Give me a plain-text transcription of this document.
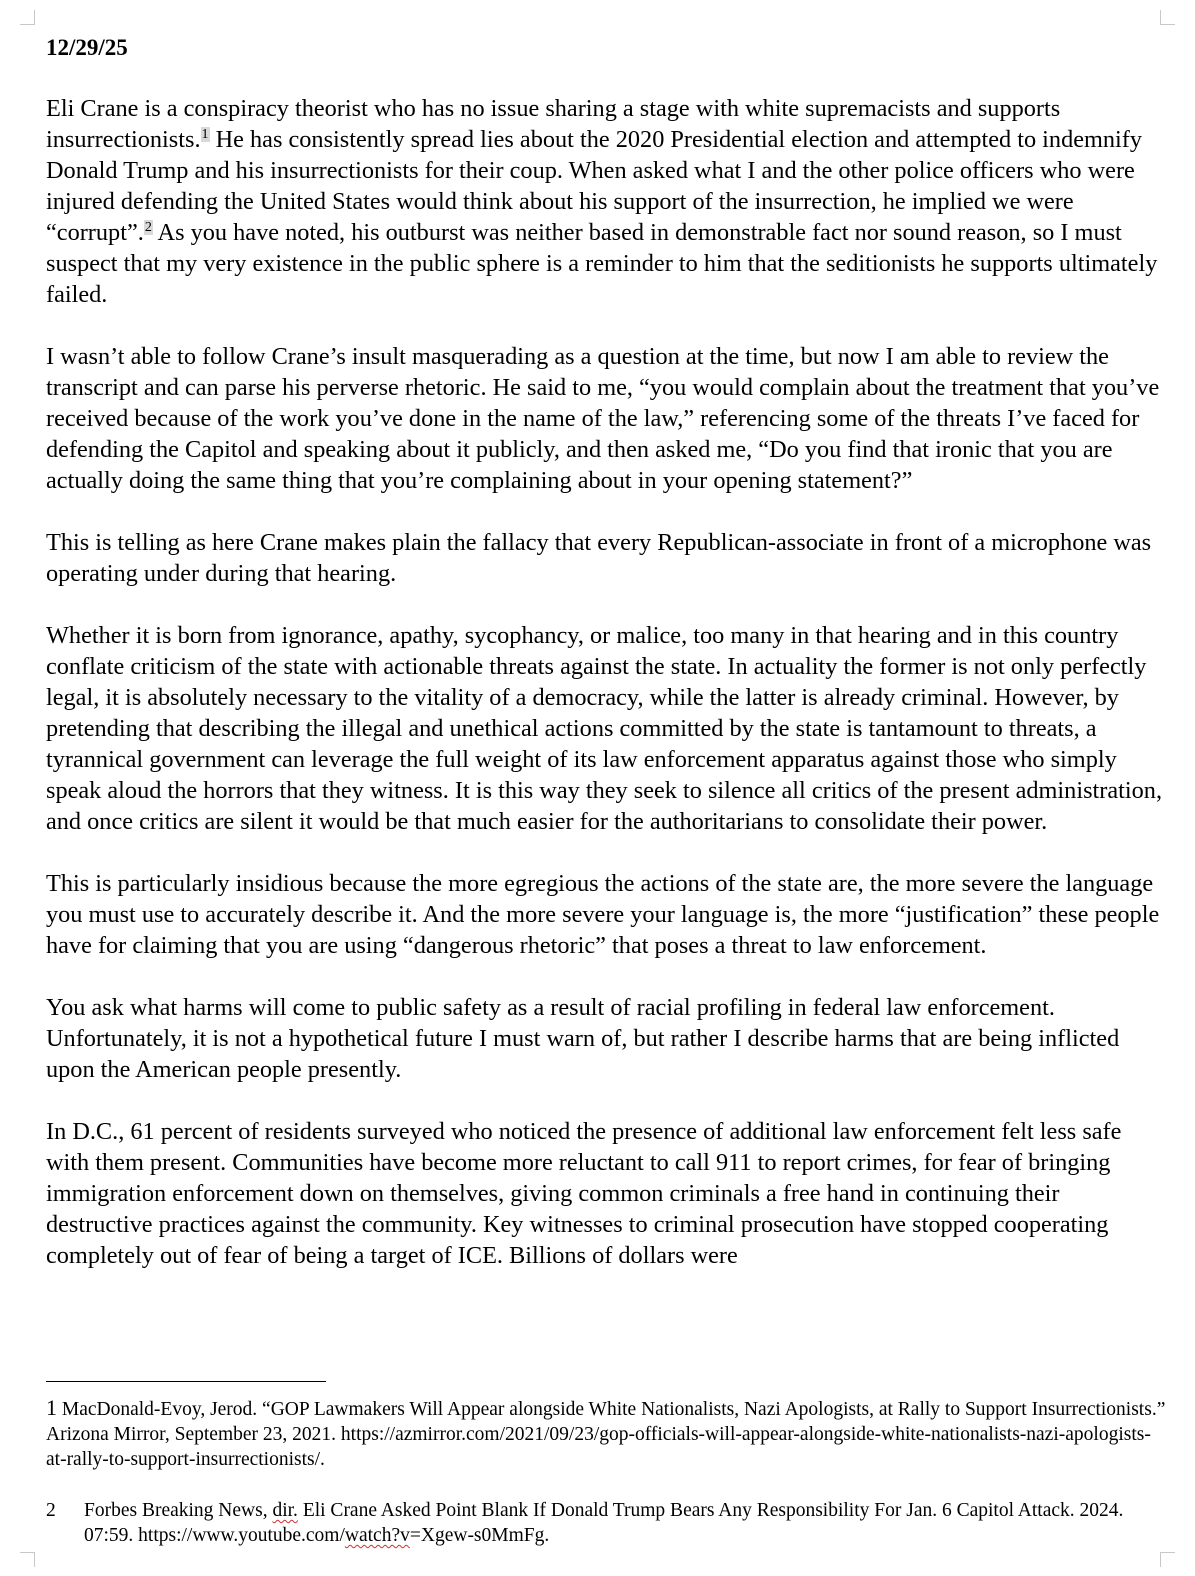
12/29/25

Eli Crane is a conspiracy theorist who has no issue sharing a stage with white supremacists and supports insurrectionists.$^1$ He has consistently spread lies about the 2020 Presidential election and attempted to indemnify Donald Trump and his insurrectionists for their coup. When asked what I and the other police officers who were injured defending the United States would think about his support of the insurrection, he implied we were “corrupt”.$^2$ As you have noted, his outburst was neither based in demonstrable fact nor sound reason, so I must suspect that my very existence in the public sphere is a reminder to him that the seditionists he supports ultimately failed.

I wasn’t able to follow Crane’s insult masquerading as a question at the time, but now I am able to review the transcript and can parse his perverse rhetoric. He said to me, “you would complain about the treatment that you’ve received because of the work you’ve done in the name of the law,” referencing some of the threats I’ve faced for defending the Capitol and speaking about it publicly, and then asked me, “Do you find that ironic that you are actually doing the same thing that you’re complaining about in your opening statement?”

This is telling as here Crane makes plain the fallacy that every Republican-associate in front of a microphone was operating under during that hearing.

Whether it is born from ignorance, apathy, sycophancy, or malice, too many in that hearing and in this country conflate criticism of the state with actionable threats against the state. In actuality the former is not only perfectly legal, it is absolutely necessary to the vitality of a democracy, while the latter is already criminal. However, by pretending that describing the illegal and unethical actions committed by the state is tantamount to threats, a tyrannical government can leverage the full weight of its law enforcement apparatus against those who simply speak aloud the horrors that they witness. It is this way they seek to silence all critics of the present administration, and once critics are silent it would be that much easier for the authoritarians to consolidate their power.

This is particularly insidious because the more egregious the actions of the state are, the more severe the language you must use to accurately describe it. And the more severe your language is, the more “justification” these people have for claiming that you are using “dangerous rhetoric” that poses a threat to law enforcement.

You ask what harms will come to public safety as a result of racial profiling in federal law enforcement. Unfortunately, it is not a hypothetical future I must warn of, but rather I describe harms that are being inflicted upon the American people presently.

In D.C., 61 percent of residents surveyed who noticed the presence of additional law enforcement felt less safe with them present. Communities have become more reluctant to call 911 to report crimes, for fear of bringing immigration enforcement down on themselves, giving common criminals a free hand in continuing their destructive practices against the community. Key witnesses to criminal prosecution have stopped cooperating completely out of fear of being a target of ICE. Billions of dollars were

1 MacDonald-Evoy, Jerod. “GOP Lawmakers Will Appear alongside White Nationalists, Nazi Apologists, at Rally to Support Insurrectionists.” Arizona Mirror, September 23, 2021. https://azmirror.com/2021/09/23/gop-officials-will-appear-alongside-white-nationalists-nazi-apologists-at-rally-to-support-insurrectionists/.

2 Forbes Breaking News, dir. Eli Crane Asked Point Blank If Donald Trump Bears Any Responsibility For Jan. 6 Capitol Attack. 2024. 07:59. https://www.youtube.com/watch?v=Xgew-s0MmFg.
